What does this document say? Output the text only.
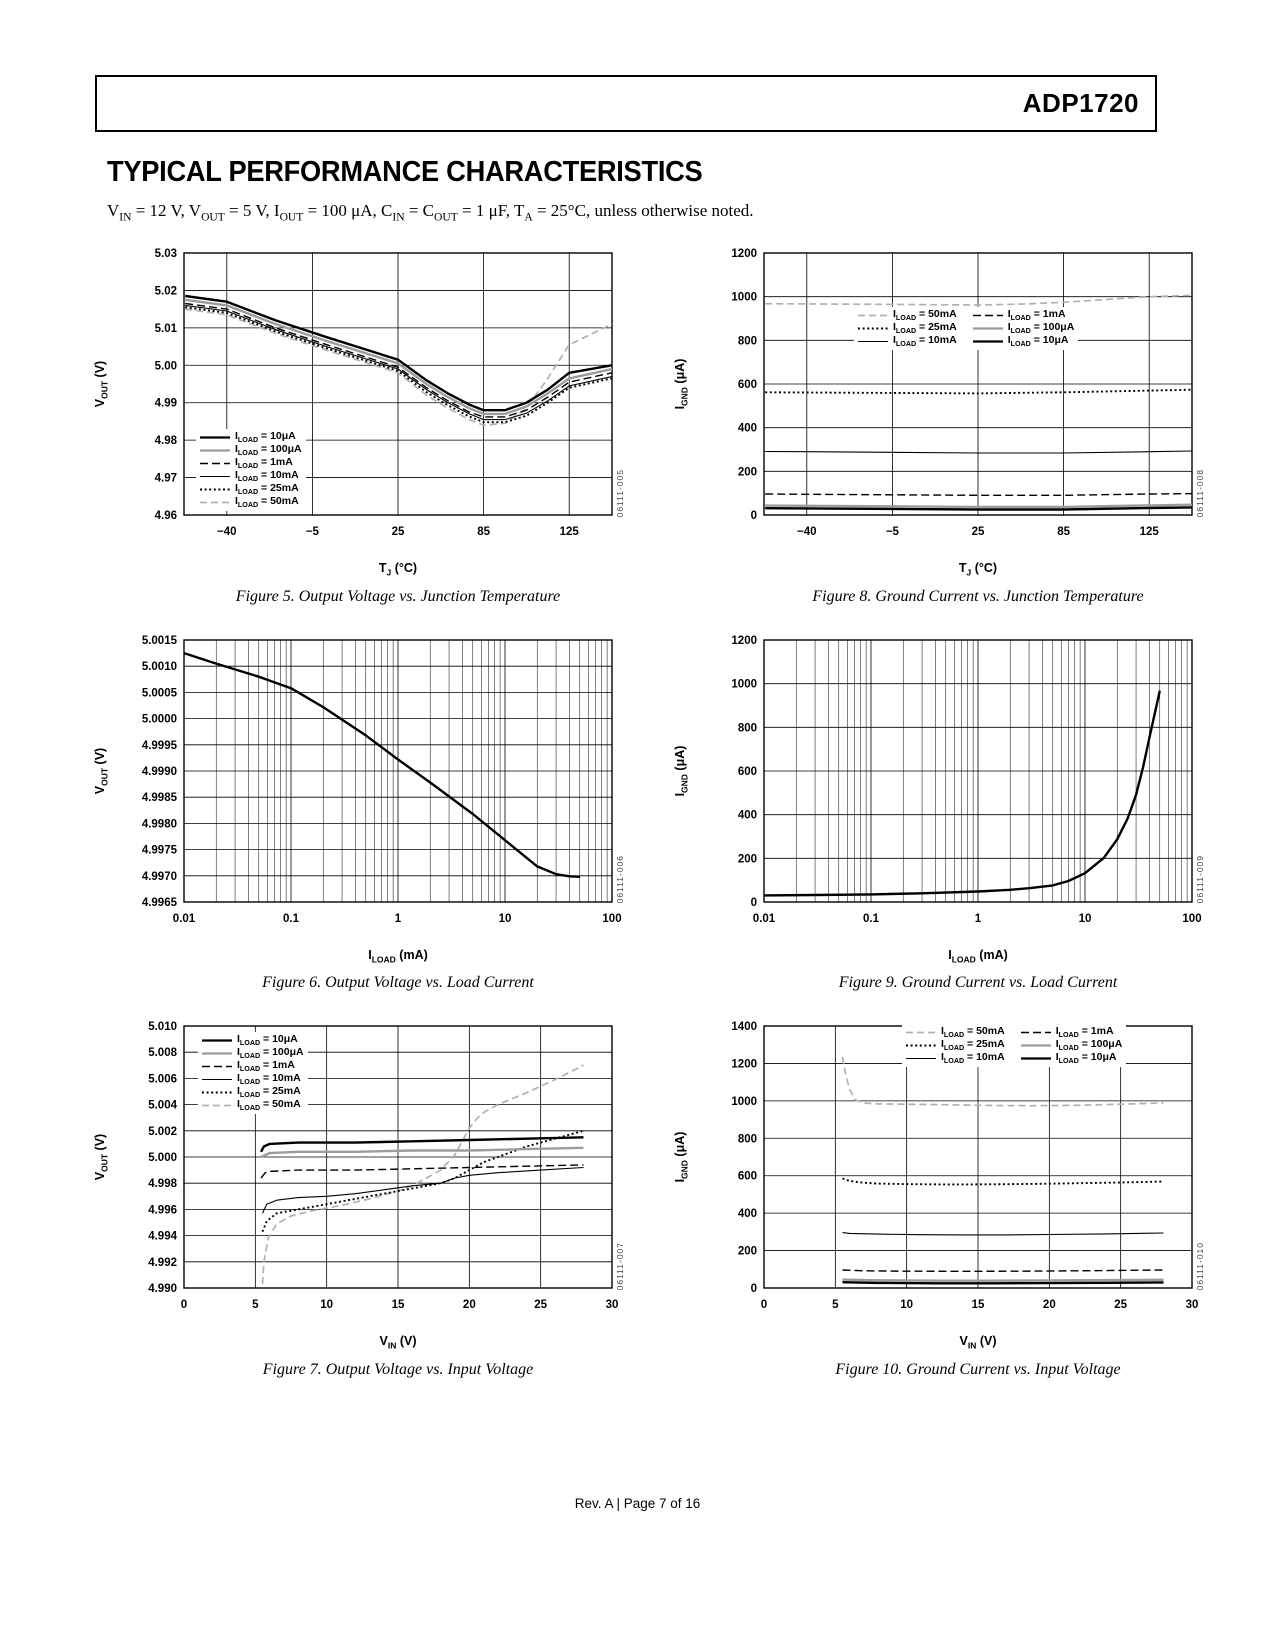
ADP1720
TYPICAL PERFORMANCE CHARACTERISTICS

$V_{IN} = 12$ V, $V_{OUT} = 5$ V, $I_{OUT} = 100$ μA, $C_{IN} = C_{OUT} = 1$ μF, $T_A = 25^\circ C$, unless otherwise noted.

$V_{OUT}$ (V)
4.96
4.97
4.98
4.99
5.00
5.01
5.02
5.03
−40	−5	25	85	125
$I_{LOAD} = 10\mu A$
$I_{LOAD} = 100\mu A$
$I_{LOAD} = 1mA$
$I_{LOAD} = 10mA$
$I_{LOAD} = 25mA$
$I_{LOAD} = 50mA$	06111-005
$T_J$ (°C)
Figure 5. Output Voltage vs. Junction Temperature
$I_{GND}$ (μA)
0
200
400
600
800
1000
1200
−40	−5	25	85	125
$I_{LOAD} = 50mA$
$I_{LOAD} = 25mA$
$I_{LOAD} = 10mA$
$I_{LOAD} = 1mA$
$I_{LOAD} = 100\mu A$
$I_{LOAD} = 10\mu A$
06111-008
$T_J$ (°C)
Figure 8. Ground Current vs. Junction Temperature
$V_{OUT}$ (V)
4.9965
4.9970
4.9975
4.9980
4.9985
4.9990
4.9995
5.0000
5.0005
5.0010
5.0015
0.01	0.1	1	10	100
06111-006
$I_{LOAD}$ (mA)
Figure 6. Output Voltage vs. Load Current
$I_{GND}$ (μA)
0
200
400
600
800
1000
1200
0.01	0.1	1	10	100
06111-009
$I_{LOAD}$ (mA)
Figure 9. Ground Current vs. Load Current
$V_{OUT}$ (V)
4.990
4.992
4.994
4.996
4.998
5.000
5.002
5.004
5.006
5.008
5.010
0	5	10	15	20	25	30
$I_{LOAD} = 10\mu A$
$I_{LOAD} = 100\mu A$
$I_{LOAD} = 1mA$
$I_{LOAD} = 10mA$
$I_{LOAD} = 25mA$
$I_{LOAD} = 50mA$
06111-007
$V_{IN}$ (V)
Figure 7. Output Voltage vs. Input Voltage
$I_{GND}$ (μA)
0
200
400
600
800
1000
1200
1400
0	5	10	15	20	25	30
$I_{LOAD} = 50mA$
$I_{LOAD} = 25mA$
$I_{LOAD} = 10mA$
$I_{LOAD} = 1mA$
$I_{LOAD} = 100\mu A$
$I_{LOAD} = 10\mu A$
06111-010
$V_{IN}$ (V)
Figure 10. Ground Current vs. Input Voltage
Rev. A | Page 7 of 16
